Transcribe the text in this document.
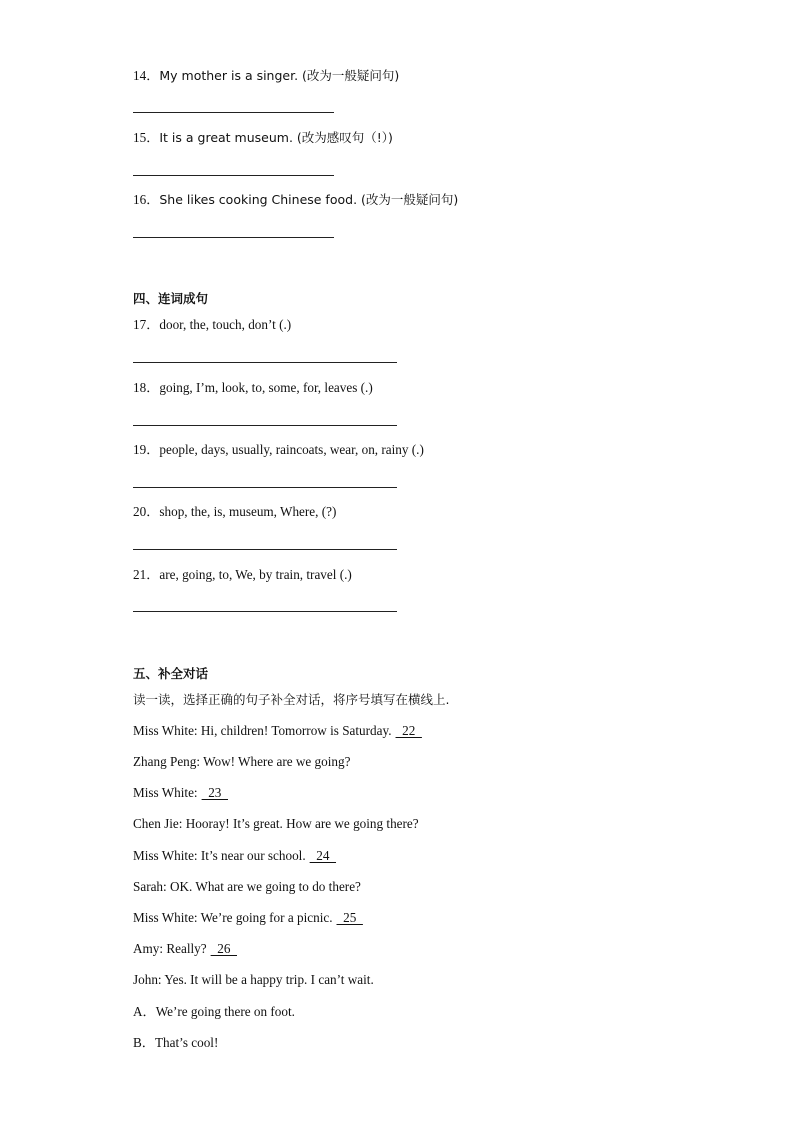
14．My mother is a singer. (改为一般疑问句)
15．It is a great museum. (改为感叹句（!）)
16．She likes cooking Chinese food. (改为一般疑问句)
四、连词成句
17．door, the, touch, don’t (.)
18．going, I’m, look, to, some, for, leaves (.)
19．people, days, usually, raincoats, wear, on, rainy (.)
20．shop, the, is, museum, Where, (?)
21．are, going, to, We, by train, travel (.)
五、补全对话
读一读，选择正确的句子补全对话，将序号填写在横线上.
Miss White: Hi, children! Tomorrow is Saturday.  22
Zhang Peng: Wow! Where are we going?
Miss White:  23
Chen Jie: Hooray! It’s great. How are we going there?
Miss White: It’s near our school.  24
Sarah: OK. What are we going to do there?
Miss White: We’re going for a picnic.  25
Amy: Really?  26
John: Yes. It will be a happy trip. I can’t wait.
A．We’re going there on foot.
B．That’s cool!
